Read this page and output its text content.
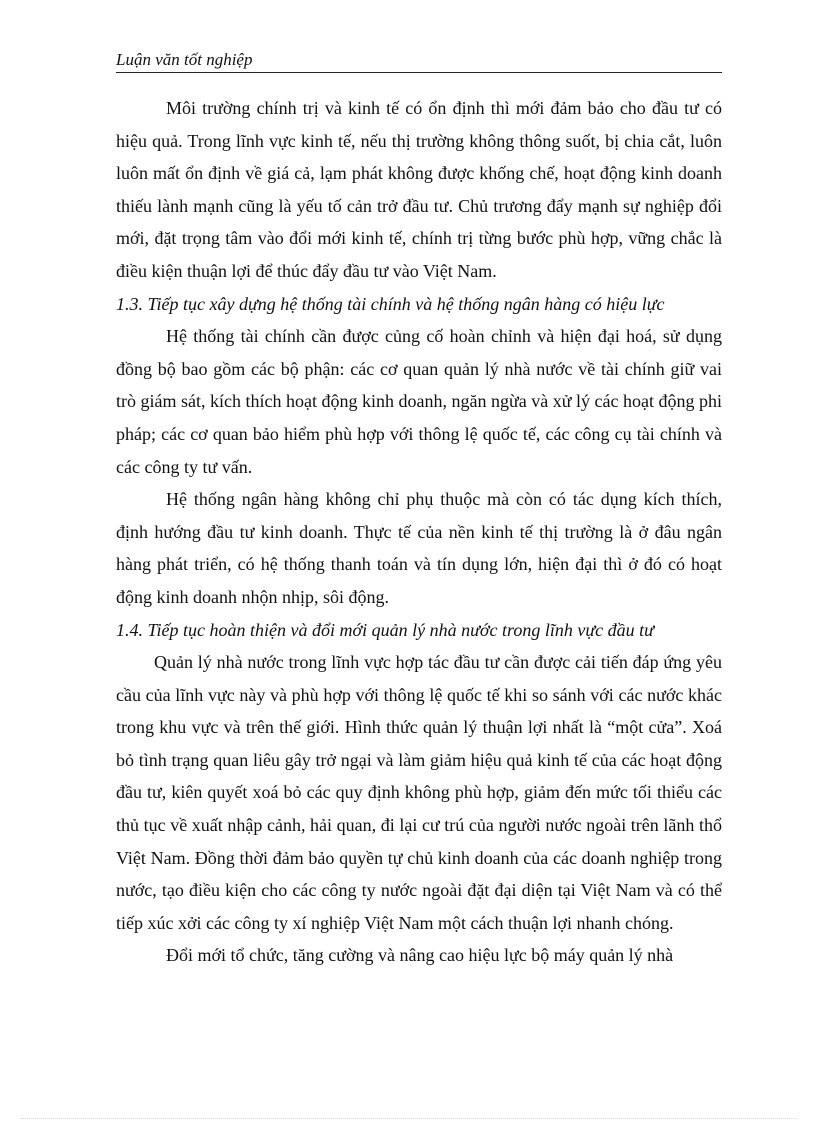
Luận văn tốt nghiệp

Môi trường chính trị và kinh tế có ổn định thì mới đảm bảo cho đầu tư có hiệu quả. Trong lĩnh vực kinh tế, nếu thị trường không thông suốt, bị chia cắt, luôn luôn mất ổn định về giá cả, lạm phát không được khống chế, hoạt động kinh doanh thiếu lành mạnh cũng là yếu tố cản trở đầu tư. Chủ trương đẩy mạnh sự nghiệp đổi mới, đặt trọng tâm vào đổi mới kinh tế, chính trị từng bước phù hợp, vững chắc là điều kiện thuận lợi để thúc đẩy đầu tư vào Việt Nam.

1.3. Tiếp tục xây dựng hệ thống tài chính và hệ thống ngân hàng có hiệu lực

Hệ thống tài chính cần được củng cố hoàn chỉnh và hiện đại hoá, sử dụng đồng bộ bao gồm các bộ phận: các cơ quan quản lý nhà nước về tài chính giữ vai trò giám sát, kích thích hoạt động kinh doanh, ngăn ngừa và xử lý các hoạt động phi pháp; các cơ quan bảo hiểm phù hợp với thông lệ quốc tế, các công cụ tài chính và các công ty tư vấn.

Hệ thống ngân hàng không chỉ phụ thuộc mà còn có tác dụng kích thích, định hướng đầu tư kinh doanh. Thực tế của nền kinh tế thị trường là ở đâu ngân hàng phát triển, có hệ thống thanh toán và tín dụng lớn, hiện đại thì ở đó có hoạt động kinh doanh nhộn nhịp, sôi động.

1.4. Tiếp tục hoàn thiện và đổi mới quản lý nhà nước trong lĩnh vực đầu tư

Quản lý nhà nước trong lĩnh vực hợp tác đầu tư cần được cải tiến đáp ứng yêu cầu của lĩnh vực này và phù hợp với thông lệ quốc tế khi so sánh với các nước khác trong khu vực và trên thế giới. Hình thức quản lý thuận lợi nhất là “một cửa”. Xoá bỏ tình trạng quan liêu gây trở ngại và làm giảm hiệu quả kinh tế của các hoạt động đầu tư, kiên quyết xoá bỏ các quy định không phù hợp, giảm đến mức tối thiểu các thủ tục về xuất nhập cảnh, hải quan, đi lại cư trú của người nước ngoài trên lãnh thổ Việt Nam. Đồng thời đảm bảo quyền tự chủ kinh doanh của các doanh nghiệp trong nước, tạo điều kiện cho các công ty nước ngoài đặt đại diện tại Việt Nam và có thể tiếp xúc xởi các công ty xí nghiệp Việt Nam một cách thuận lợi nhanh chóng.

Đổi mới tổ chức, tăng cường và nâng cao hiệu lực bộ máy quản lý nhà
